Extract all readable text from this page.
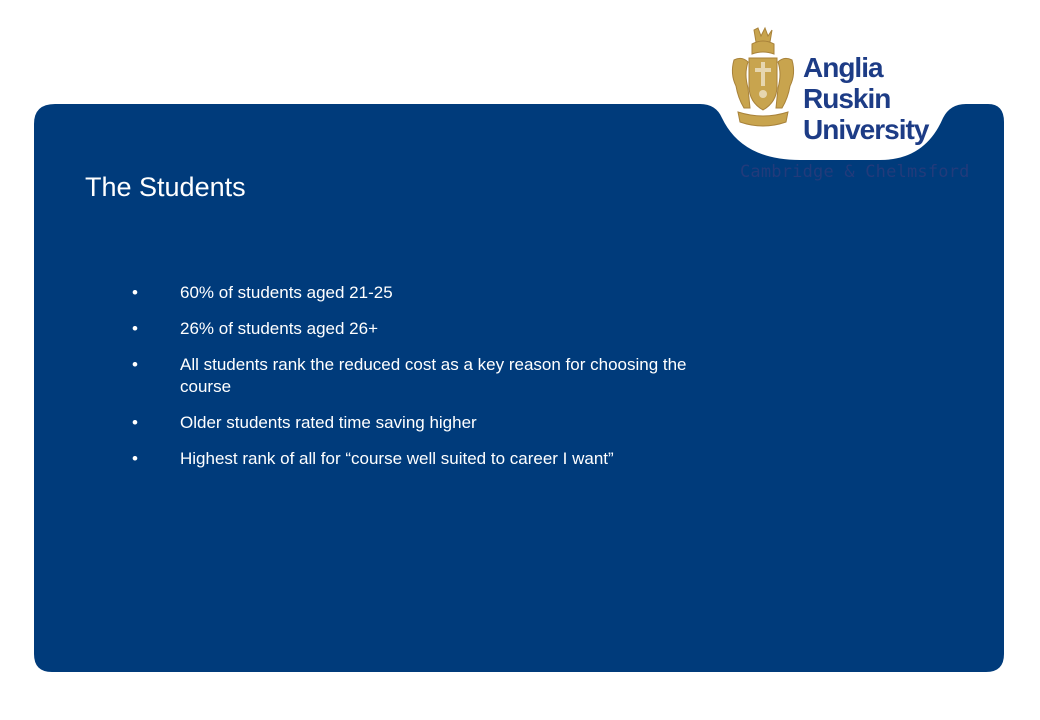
The Students
•	60% of students aged 21-25
•	26% of students aged 26+
•	All students rank the reduced cost as a key reason for choosing the course
•	Older students rated time saving higher
•	Highest rank of all for “course well suited to career I want”
Anglia Ruskin
University
Cambridge & Chelmsford
